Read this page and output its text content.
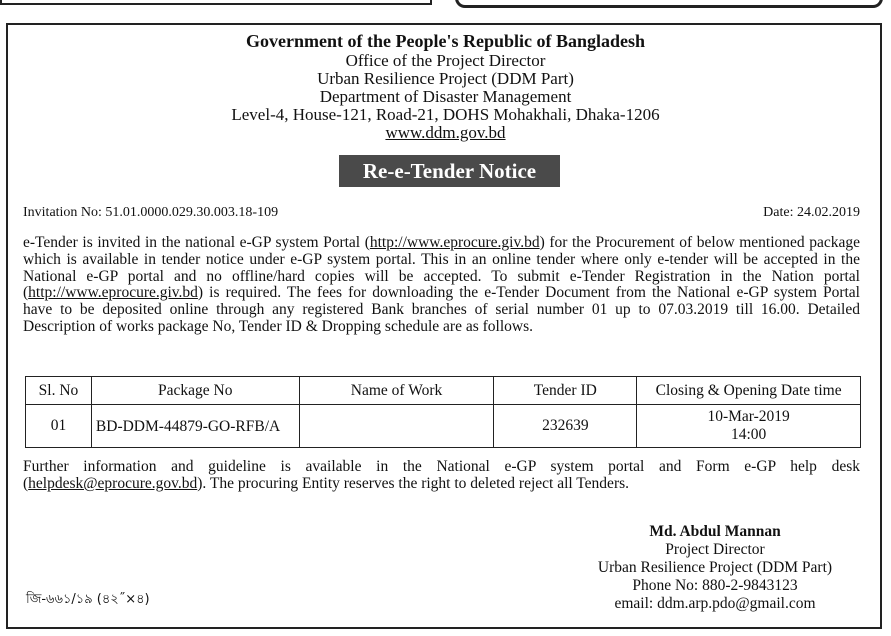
Government of the People's Republic of Bangladesh
Office of the Project Director
Urban Resilience Project (DDM Part)
Department of Disaster Management
Level-4, House-121, Road-21, DOHS Mohakhali, Dhaka-1206
www.ddm.gov.bd
Re-e-Tender Notice
Invitation No: 51.01.0000.029.30.003.18-109	Date: 24.02.2019
e-Tender is invited in the national e-GP system Portal (http://www.eprocure.giv.bd) for the Procurement of below mentioned package which is available in tender notice under e-GP system portal. This in an online tender where only e-tender will be accepted in the National e-GP portal and no offline/hard copies will be accepted. To submit e-Tender Registration in the Nation portal (http://www.eprocure.giv.bd) is required. The fees for downloading the e-Tender Document from the National e-GP system Portal have to be deposited online through any registered Bank branches of serial number 01 up to 07.03.2019 till 16.00. Detailed Description of works package No, Tender ID & Dropping schedule are as follows.
Sl. No	Package No	Name of Work	Tender ID	Closing & Opening Date time
01	BD-DDM-44879-GO-RFB/A		232639	10-Mar-2019
14:00
Further information and guideline is available in the National e-GP system portal and Form e-GP help desk (helpdesk@eprocure.gov.bd). The procuring Entity reserves the right to deleted reject all Tenders.
Md. Abdul Mannan
Project Director
Urban Resilience Project (DDM Part)
Phone No: 880-2-9843123
email: ddm.arp.pdo@gmail.com
জি-৬৬১/১৯ (৪২˝×৪)
